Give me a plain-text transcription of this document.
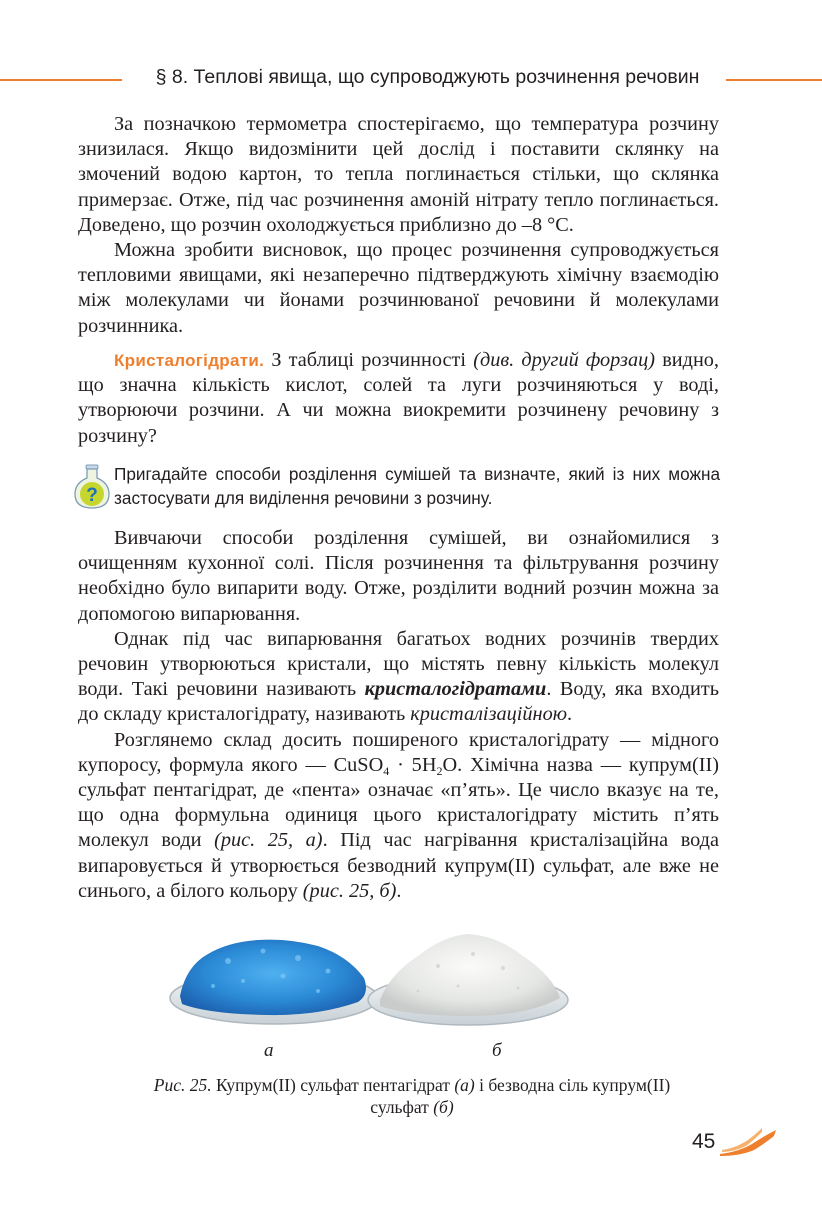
§ 8. Теплові явища, що супроводжують розчинення речовин

За позначкою термометра спостерігаємо, що температура розчину знизилася. Якщо видозмінити цей дослід і поставити склянку на змочений водою картон, то тепла поглинається стільки, що склянка примерзає. Отже, під час розчинення амоній нітрату тепло поглинається. Доведено, що розчин охолоджується приблизно до –8 °C.

Можна зробити висновок, що процес розчинення супроводжується тепловими явищами, які незаперечно підтверджують хімічну взаємодію між молекулами чи йонами розчинюваної речовини й молекулами розчинника.

Кристалогідрати. З таблиці розчинності (див. другий форзац) видно, що значна кількість кислот, солей та луги розчиняються у воді, утворюючи розчини. А чи можна виокремити розчинену речовину з розчину?

?
Пригадайте способи розділення сумішей та визначте, який із них можна застосувати для виділення речовини з розчину.

Вивчаючи способи розділення сумішей, ви ознайомилися з очищенням кухонної солі. Після розчинення та фільтрування розчину необхідно було випарити воду. Отже, розділити водний розчин можна за допомогою випарювання.

Однак під час випарювання багатьох водних розчинів твердих речовин утворюються кристали, що містять певну кількість молекул води. Такі речовини називають кристалогідратами. Воду, яка входить до складу кристалогідрату, називають кристалізаційною.

Розглянемо склад досить поширеного кристалогідрату — мідного купоросу, формула якого — CuSO$_4$ · $5H_2O$. Хімічна назва — купрум(II) сульфат пентагідрат, де «пента» означає «п’ять». Це число вказує на те, що одна формульна одиниця цього кристалогідрату містить п’ять молекул води (рис. 25, а). Під час нагрівання кристалізаційна вода випаровується й утворюється безводний купрум(II) сульфат, але вже не синього, а білого кольору (рис. 25, б).

а	б
Рис. 25. Купрум(II) сульфат пентагідрат (а) і безводна сіль купрум(II) сульфат (б)
45
